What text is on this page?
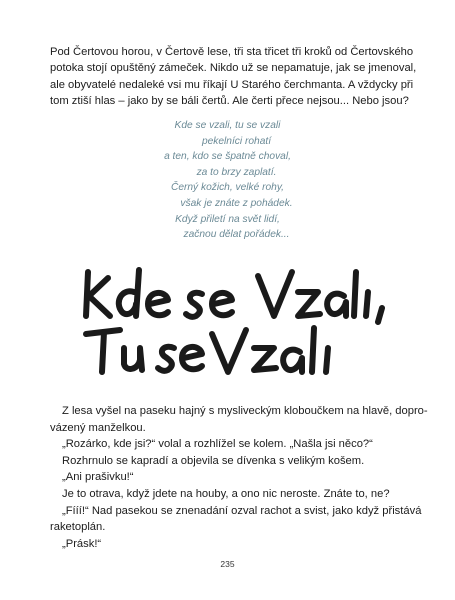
Pod Čertovou horou, v Čertově lese, tři sta třicet tři kroků od Čertovského
potoka stojí opuštěný zámeček. Nikdo už se nepamatuje, jak se jmenoval,
ale obyvatelé nedaleké vsi mu říkají U Starého čerchmanta. A vždycky při
tom ztiší hlas – jako by se báli čertů. Ale čerti přece nejsou... Nebo jsou?

Kde se vzali, tu se vzali
pekelníci rohatí
a ten, kdo se špatně choval,
za to brzy zaplatí.
Černý kožich, velké rohy,
však je znáte z pohádek.
Když přiletí na svět lidí,
začnou dělat pořádek...

Z lesa vyšel na paseku hajný s mysliveckým kloboučkem na hlavě, dopro-
vázený manželkou.
„Rozárko, kde jsi?“ volal a rozhlížel se kolem. „Našla jsi něco?“
Rozhrnulo se kapradí a objevila se dívenka s velikým košem.
„Ani prašivku!“
Je to otrava, když jdete na houby, a ono nic neroste. Znáte to, ne?
„Fííí!“ Nad pasekou se znenadání ozval rachot a svist, jako když přistává
raketoplán.
„Prásk!“

235
